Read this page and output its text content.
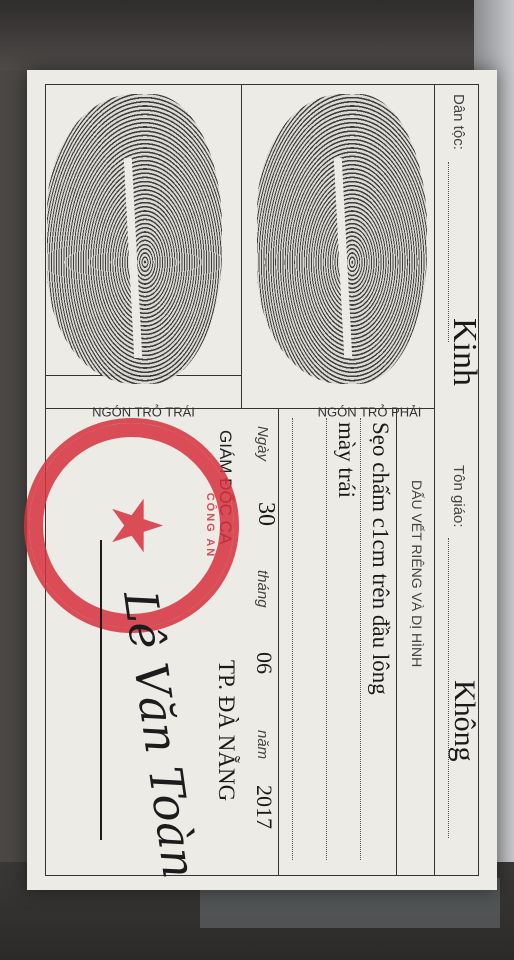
Dân tộc:
Kinh
Tôn giáo:
Không
DẤU VẾT RIÊNG VÀ DỊ HÌNH
Sẹo chấm c1cm trên đầu lông
mày trái
Ngày
30
tháng
06
năm
2017
GIÁM ĐỐC CA
TP. ĐÀ NẴNG
NGÓN TRỎ TRÁI	NGÓN TRỎ PHẢI
CÔNG AN
★
Lê Văn Toàn
